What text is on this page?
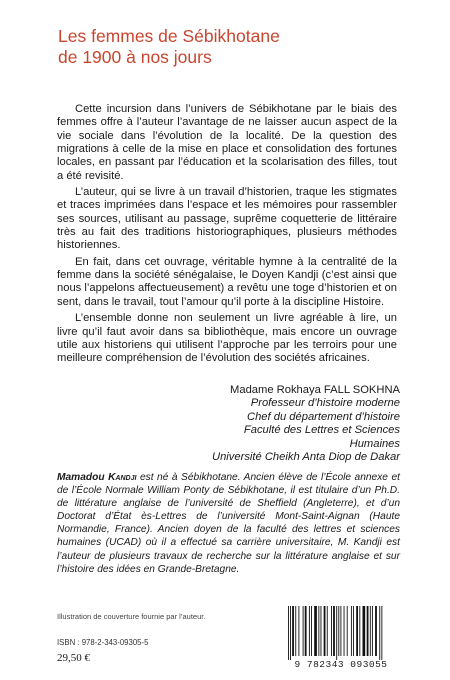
Les femmes de Sébikhotane
de 1900 à nos jours

Cette incursion dans l’univers de Sébikhotane par le biais des femmes offre à l’auteur l’avantage de ne laisser aucun aspect de la vie sociale dans l’évolution de la localité. De la question des migrations à celle de la mise en place et consolidation des fortunes locales, en passant par l’éducation et la scolarisation des filles, tout a été revisité.

L’auteur, qui se livre à un travail d’historien, traque les stigmates et traces imprimées dans l’espace et les mémoires pour rassembler ses sources, utilisant au passage, suprême coquetterie de littéraire très au fait des traditions historiographiques, plusieurs méthodes historiennes.

En fait, dans cet ouvrage, véritable hymne à la centralité de la femme dans la société sénégalaise, le Doyen Kandji (c’est ainsi que nous l’appelons affectueusement) a revêtu une toge d’historien et on sent, dans le travail, tout l’amour qu’il porte à la discipline Histoire.

L’ensemble donne non seulement un livre agréable à lire, un livre qu’il faut avoir dans sa bibliothèque, mais encore un ouvrage utile aux historiens qui utilisent l’approche par les terroirs pour une meilleure compréhension de l’évolution des sociétés africaines.

Madame Rokhaya FALL SOKHNA
Professeur d’histoire moderne
Chef du département d’histoire
Faculté des Lettres et Sciences Humaines
Université Cheikh Anta Diop de Dakar
Mamadou Kandji est né à Sébikhotane. Ancien élève de l’École annexe et de l’École Normale William Ponty de Sébikhotane, il est titulaire d’un Ph.D. de littérature anglaise de l’université de Sheffield (Angleterre), et d’un Doctorat d’État ès-Lettres de l’université Mont-Saint-Aignan (Haute Normandie, France). Ancien doyen de la faculté des lettres et sciences humaines (UCAD) où il a effectué sa carrière universitaire, M. Kandji est l’auteur de plusieurs travaux de recherche sur la littérature anglaise et sur l’histoire des idées en Grande-Bretagne.
Illustration de couverture fournie par l’auteur.
ISBN : 978-2-343-09305-5
29,50 €
9 782343 093055
